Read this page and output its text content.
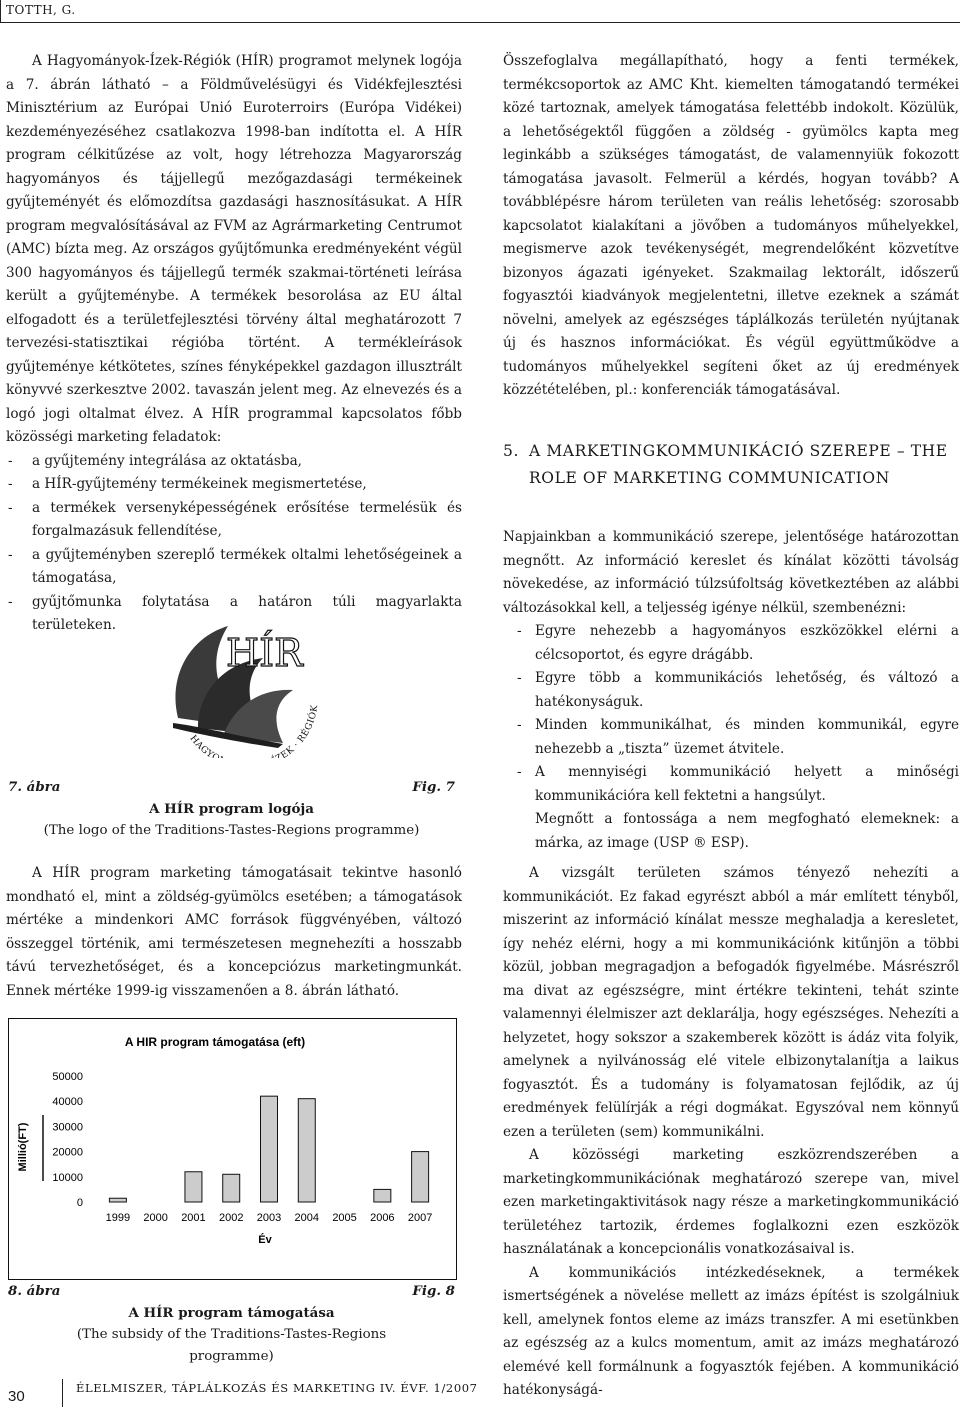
TOTTH, G.

A Hagyományok-Ízek-Régiók (HÍR) programot melynek logója a 7. ábrán látható – a Földművelésügyi és Vidékfejlesztési Minisztérium az Európai Unió Euroterroirs (Európa Vidékei) kezdeményezéséhez csatlakozva 1998-ban indította el. A HÍR program célkitűzése az volt, hogy létrehozza Magyarország hagyományos és tájjellegű mezőgazdasági termékeinek gyűjteményét és előmozdítsa gazdasági hasznosításukat. A HÍR program megvalósításával az FVM az Agrármarketing Centrumot (AMC) bízta meg. Az országos gyűjtőmunka eredményeként végül 300 hagyományos és tájjellegű termék szakmai-történeti leírása került a gyűjteménybe. A termékek besorolása az EU által elfogadott és a területfejlesztési törvény által meghatározott 7 tervezési-statisztikai régióba történt. A termékleírások gyűjteménye kétkötetes, színes fényképekkel gazdagon illusztrált könyvvé szerkesztve 2002. tavaszán jelent meg. Az elnevezés és a logó jogi oltalmat élvez. A HÍR programmal kapcsolatos főbb közösségi marketing feladatok:

- a gyűjtemény integrálása az oktatásba,
- a HÍR-gyűjtemény termékeinek megismertetése,
- a termékek versenyképességének erősítése termelésük és forgalmazásuk fellendítése,
- a gyűjteményben szereplő termékek oltalmi lehetőségeinek a támogatása,
- gyűjtőmunka folytatása a határon túli magyarlakta területeken.
HÍR
HAGY EK · RÉGIÓK
7. ábra	Fig. 7
A HÍR program logója
(The logo of the Traditions-Tastes-Regions programme)

A HÍR program marketing támogatásait tekintve hasonló mondható el, mint a zöldség-gyümölcs esetében; a támogatások mértéke a mindenkori AMC források függvényében, változó összeggel történik, ami természetesen megnehezíti a hosszabb távú tervezhetőséget, és a koncepciózus marketingmunkát. Ennek mértéke 1999-ig visszamenően a 8. ábrán látható.

A HIR program támogatása (eft)
Millió(FT)
Év
0
10000
20000
30000
40000
50000
1999 2000 2001 2002 2003 2004 2005 2006 2007
8. ábra	Fig. 8
A HÍR program támogatása
(The subsidy of the Traditions-Tastes-Regions
programme)

Összefoglalva megállapítható, hogy a fenti termékek, termékcsoportok az AMC Kht. kiemelten támogatandó termékei közé tartoznak, amelyek támogatása felettébb indokolt. Közülük, a lehetőségektől függően a zöldség - gyümölcs kapta meg leginkább a szükséges támogatást, de valamennyiük fokozott támogatása javasolt. Felmerül a kérdés, hogyan tovább? A továbblépésre három területen van reális lehetőség: szorosabb kapcsolatot kialakítani a jövőben a tudományos műhelyekkel, megismerve azok tevékenységét, megrendelőként közvetítve bizonyos ágazati igényeket. Szakmailag lektorált, időszerű fogyasztói kiadványok megjelentetni, illetve ezeknek a számát növelni, amelyek az egészséges táplálkozás területén nyújtanak új és hasznos információkat. És végül együttműködve a tudományos műhelyekkel segíteni őket az új eredmények közzétételében, pl.: konferenciák támogatásával.

5. A MARKETINGKOMMUNIKÁCIÓ SZEREPE – THE
ROLE OF MARKETING COMMUNICATION

Napjainkban a kommunikáció szerepe, jelentősége határozottan megnőtt. Az információ kereslet és kínálat közötti távolság növekedése, az információ túlzsúfoltság következtében az alábbi változásokkal kell, a teljesség igénye nélkül, szembenézni:

- Egyre nehezebb a hagyományos eszközökkel elérni a célcsoportot, és egyre drágább.
- Egyre több a kommunikációs lehetőség, és változó a hatékonyságuk.
- Minden kommunikálhat, és minden kommunikál, egyre nehezebb a „tiszta” üzemet átvitele.
- A mennyiségi kommunikáció helyett a minőségi kommunikációra kell fektetni a hangsúlyt.

Megnőtt a fontossága a nem megfogható elemeknek: a márka, az image (USP ® ESP).

A vizsgált területen számos tényező nehezíti a kommunikációt. Ez fakad egyrészt abból a már említett tényből, miszerint az információ kínálat messze meghaladja a keresletet, így nehéz elérni, hogy a mi kommunikációnk kitűnjön a többi közül, jobban megragadjon a befogadók figyelmébe. Másrészről ma divat az egészségre, mint értékre tekinteni, tehát szinte valamennyi élelmiszer azt deklarálja, hogy egészséges. Nehezíti a helyzetet, hogy sokszor a szakemberek között is ádáz vita folyik, amelynek a nyilvánosság elé vitele elbizonytalanítja a laikus fogyasztót. És a tudomány is folyamatosan fejlődik, az új eredmények felülírják a régi dogmákat. Egyszóval nem könnyű ezen a területen (sem) kommunikálni.

A közösségi marketing eszközrendszerében a marketingkommunikációnak meghatározó szerepe van, mivel ezen marketingaktivitások nagy része a marketingkommunikáció területéhez tartozik, érdemes foglalkozni ezen eszközök használatának a koncepcionális vonatkozásaival is.

A kommunikációs intézkedéseknek, a termékek ismertségének a növelése mellett az imázs építést is szolgálniuk kell, amelynek fontos eleme az imázs transzfer. A mi esetünkben az egészség az a kulcs momentum, amit az imázs meghatározó elemévé kell formálnunk a fogyasztók fejében. A kommunikáció hatékonyságá-

30	ÉLELMISZER, TÁPLÁLKOZÁS ÉS MARKETING IV. ÉVF. 1/2007
